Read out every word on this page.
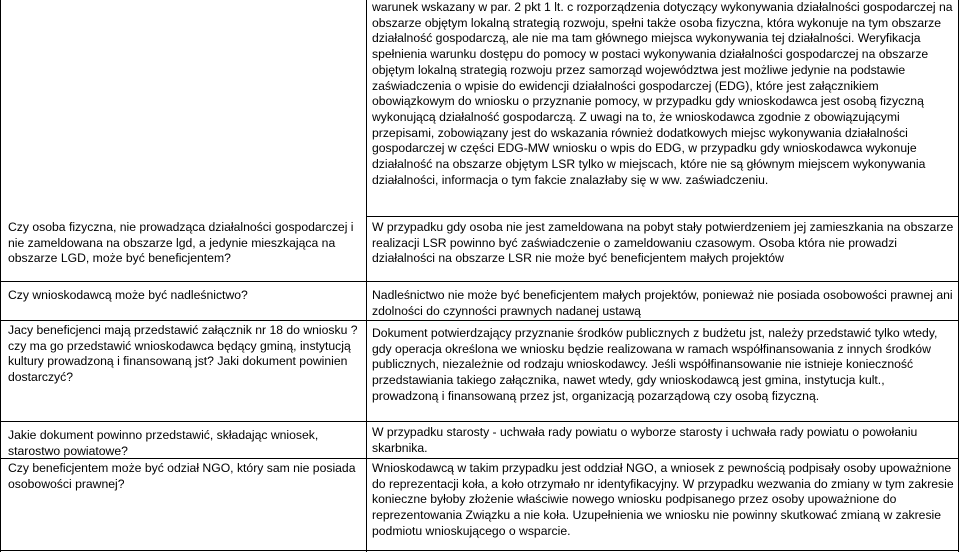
Czy osoba fizyczna, nie prowadząca działalności gospodarczej i nie zameldowana na obszarze lgd, a jedynie mieszkająca na obszarze LGD, może być beneficjentem?

Czy wnioskodawcą może być nadleśnictwo?

Jacy beneficjenci mają przedstawić załącznik nr 18 do wniosku ? czy ma go przedstawić wnioskodawca będący gminą, instytucją kultury prowadzoną i finansowaną jst? Jaki dokument powinien dostarczyć?

Jakie dokument powinno przedstawić, składając wniosek, starostwo powiatowe?

Czy beneficjentem może być odział NGO, który sam nie posiada osobowości prawnej?

warunek wskazany w par. 2 pkt 1 lt. c rozporządzenia dotyczący wykonywania działalności gospodarczej na obszarze objętym lokalną strategią rozwoju, spełni także osoba fizyczna, która wykonuje na tym obszarze działalność gospodarczą, ale nie ma tam głównego miejsca wykonywania tej działalności. Weryfikacja spełnienia warunku dostępu do pomocy w postaci wykonywania działalności gospodarczej na obszarze objętym lokalną strategią rozwoju przez samorząd województwa jest możliwe jedynie na podstawie zaświadczenia o wpisie do ewidencji działalności gospodarczej (EDG), które jest załącznikiem obowiązkowym do wniosku o przyznanie pomocy, w przypadku gdy wnioskodawca jest osobą fizyczną wykonującą działalność gospodarczą. Z uwagi na to, że wnioskodawca zgodnie z obowiązującymi przepisami, zobowiązany jest do wskazania również dodatkowych miejsc wykonywania działalności gospodarczej w części EDG-MW wniosku o wpis do EDG, w przypadku gdy wnioskodawca wykonuje działalność na obszarze objętym LSR tylko w miejscach, które nie są głównym miejscem wykonywania działalności, informacja o tym fakcie znalazłaby się w ww. zaświadczeniu.

W przypadku gdy osoba nie jest zameldowana na pobyt stały potwierdzeniem jej zamieszkania na obszarze realizacji LSR powinno być zaświadczenie o zameldowaniu czasowym. Osoba która nie prowadzi działalności na obszarze LSR nie może być beneficjentem małych projektów

Nadleśnictwo nie może być beneficjentem małych projektów, ponieważ nie posiada osobowości prawnej ani zdolności do czynności prawnych nadanej ustawą

Dokument potwierdzający przyznanie środków publicznych z budżetu jst, należy przedstawić tylko wtedy, gdy operacja określona we wniosku będzie realizowana w ramach współfinansowania z innych środków publicznych, niezależnie od rodzaju wnioskodawcy. Jeśli współfinansowanie nie istnieje konieczność przedstawiania takiego załącznika, nawet wtedy, gdy wnioskodawcą jest gmina, instytucja kult., prowadzoną i finansowaną przez jst, organizacją pozarządową czy osobą fizyczną.

W przypadku starosty - uchwała rady powiatu o wyborze starosty i uchwała rady powiatu o powołaniu skarbnika.

Wnioskodawcą w takim przypadku jest oddział NGO, a wniosek z pewnością podpisały osoby upoważnione do reprezentacji koła, a koło otrzymało nr identyfikacyjny. W przypadku wezwania do zmiany w tym zakresie konieczne byłoby złożenie właściwie nowego wniosku podpisanego przez osoby upoważnione do reprezentowania Związku a nie koła. Uzupełnienia we wniosku nie powinny skutkować zmianą w zakresie podmiotu wnioskującego o wsparcie.
